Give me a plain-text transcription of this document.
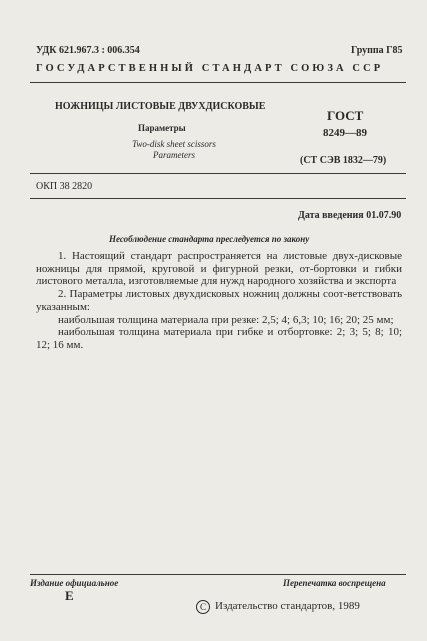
УДК 621.967.3 : 006.354	Группа Г85
ГОСУДАРСТВЕННЫЙ СТАНДАРТ СОЮЗА ССР
НОЖНИЦЫ ЛИСТОВЫЕ ДВУХДИСКОВЫЕ
Параметры
Two-disk sheet scissors
Parameters
ГОСТ
8249—89
(СТ СЭВ 1832—79)
ОКП 38 2820
Дата введения 01.07.90
Несоблюдение стандарта преследуется по закону

1. Настоящий стандарт распространяется на листовые двух-дисковые ножницы для прямой, круговой и фигурной резки, от-бортовки и гибки листового металла, изготовляемые для нужд народного хозяйства и экспорта

2. Параметры листовых двухдисковых ножниц должны соот-ветствовать указанным:

наибольшая толщина материала при резке: 2,5; 4; 6,3; 10; 16; 20; 25 мм;

наибольшая толщина материала при гибке и отбортовке: 2; 3; 5; 8; 10; 12; 16 мм.

Издание официальное	Перепечатка воспрещена
Е
С Издательство стандартов, 1989
